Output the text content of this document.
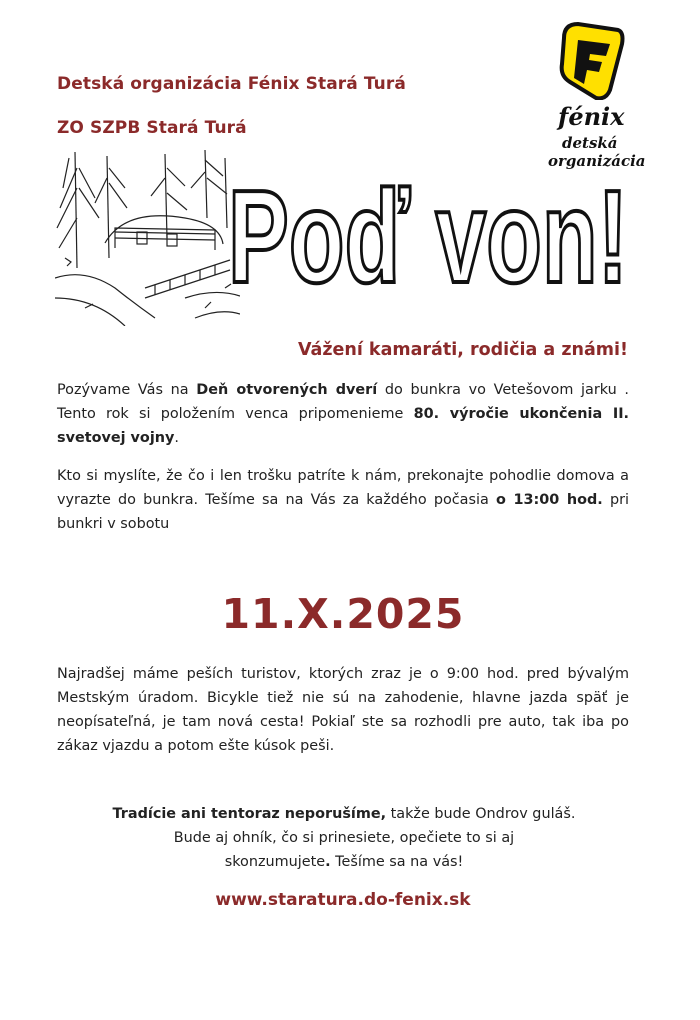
Detská organizácia Fénix Stará Turá
ZO SZPB Stará Turá	fénix
detská
organizácia
Poď von!
Vážení kamaráti, rodičia a známi!
Pozývame Vás na Deň otvorených dverí do bunkra vo Vetešovom jarku . Tento rok si položením venca pripomenieme 80. výročie ukončenia II. svetovej vojny.
Kto si myslíte, že čo i len trošku patríte k nám, prekonajte pohodlie domova a vyrazte do bunkra. Tešíme sa na Vás za každého počasia o 13:00 hod. pri bunkri v sobotu
11.X.2025
Najradšej máme peších turistov, ktorých zraz je o 9:00 hod. pred bývalým Mestským úradom. Bicykle tiež nie sú na zahodenie, hlavne jazda späť je neopísateľná, je tam nová cesta! Pokiaľ ste sa rozhodli pre auto, tak iba po zákaz vjazdu a potom ešte kúsok peši.
Tradície ani tentoraz neporušíme, takže bude Ondrov guláš.
Bude aj ohník, čo si prinesiete, opečiete to si aj
skonzumujete. Tešíme sa na vás!
www.staratura.do-fenix.sk
